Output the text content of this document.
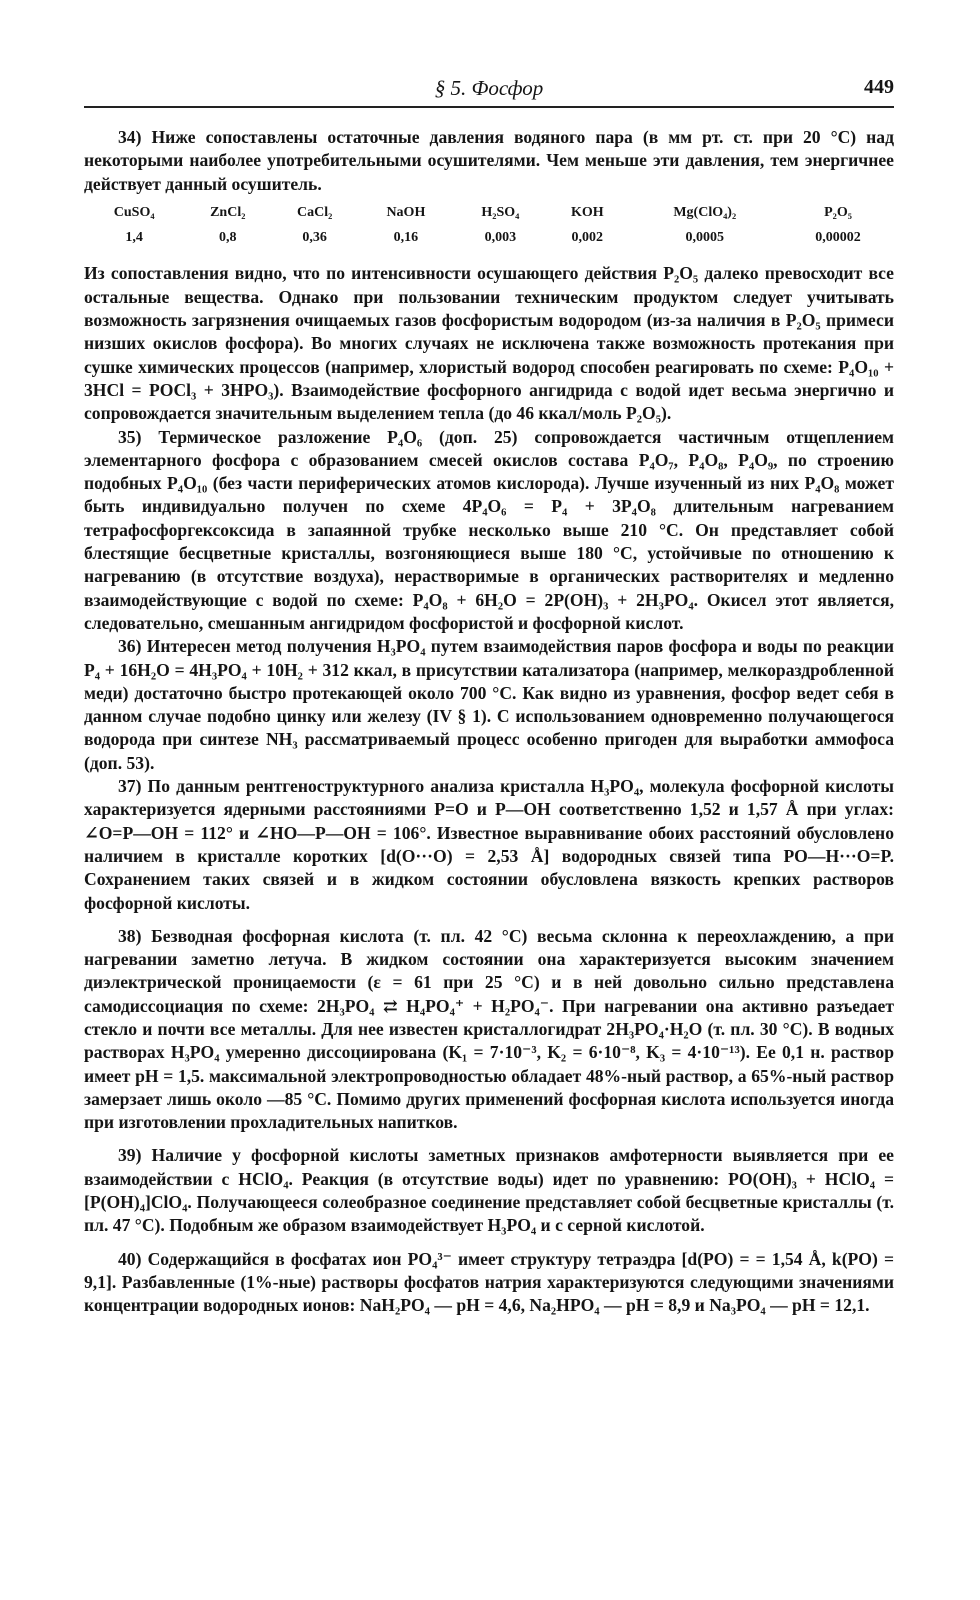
§ 5. Фосфор	449

34) Ниже сопоставлены остаточные давления водяного пара (в мм рт. ст. при 20 °С) над некоторыми наиболее употребительными осушителями. Чем меньше эти давления, тем энергичнее действует данный осушитель.

CuSO₄	ZnCl₂	CaCl₂	NaOH	H₂SO₄	KOH	Mg(ClO₄)₂	P₂O₅
1,4	0,8	0,36	0,16	0,003	0,002	0,0005	0,00002

Из сопоставления видно, что по интенсивности осушающего действия P₂O₅ далеко превосходит все остальные вещества. Однако при пользовании техническим продуктом следует учитывать возможность загрязнения очищаемых газов фосфористым водородом (из-за наличия в P₂O₅ примеси низших окислов фосфора). Во многих случаях не исключена также возможность протекания при сушке химических процессов (например, хлористый водород способен реагировать по схеме: P₄O₁₀ + 3HCl = POCl₃ + 3HPO₃). Взаимодействие фосфорного ангидрида с водой идет весьма энергично и сопровождается значительным выделением тепла (до 46 ккал/моль P₂O₅).

35) Термическое разложение P₄O₆ (доп. 25) сопровождается частичным отщеплением элементарного фосфора с образованием смесей окислов состава P₄O₇, P₄O₈, P₄O₉, по строению подобных P₄O₁₀ (без части периферических атомов кислорода). Лучше изученный из них P₄O₈ может быть индивидуально получен по схеме 4P₄O₆ = P₄ + 3P₄O₈ длительным нагреванием тетрафосфоргексоксида в запаянной трубке несколько выше 210 °С. Он представляет собой блестящие бесцветные кристаллы, возгоняющиеся выше 180 °С, устойчивые по отношению к нагреванию (в отсутствие воздуха), нерастворимые в органических растворителях и медленно взаимодействующие с водой по схеме: P₄O₈ + 6H₂O = 2P(OH)₃ + 2H₃PO₄. Окисел этот является, следовательно, смешанным ангидридом фосфористой и фосфорной кислот.

36) Интересен метод получения H₃PO₄ путем взаимодействия паров фосфора и воды по реакции P₄ + 16H₂O = 4H₃PO₄ + 10H₂ + 312 ккал, в присутствии катализатора (например, мелкораздробленной меди) достаточно быстро протекающей около 700 °С. Как видно из уравнения, фосфор ведет себя в данном случае подобно цинку или железу (IV § 1). С использованием одновременно получающегося водорода при синтезе NH₃ рассматриваемый процесс особенно пригоден для выработки аммофоса (доп. 53).

37) По данным рентгеноструктурного анализа кристалла H₃PO₄, молекула фосфорной кислоты характеризуется ядерными расстояниями P=O и P—OH соответственно 1,52 и 1,57 Å при углах: ∠O=P—OH = 112° и ∠HO—P—OH = 106°. Известное выравнивание обоих расстояний обусловлено наличием в кристалле коротких [d(O···O) = 2,53 Å] водородных связей типа PO—H···O=P. Сохранением таких связей и в жидком состоянии обусловлена вязкость крепких растворов фосфорной кислоты.

38) Безводная фосфорная кислота (т. пл. 42 °С) весьма склонна к переохлаждению, а при нагревании заметно летуча. В жидком состоянии она характеризуется высоким значением диэлектрической проницаемости (ε = 61 при 25 °С) и в ней довольно сильно представлена самодиссоциация по схеме: 2H₃PO₄ ⇄ H₄PO₄⁺ + H₂PO₄⁻. При нагревании она активно разъедает стекло и почти все металлы. Для нее известен кристаллогидрат 2H₃PO₄·H₂O (т. пл. 30 °С). В водных растворах H₃PO₄ умеренно диссоциирована (K₁ = 7·10⁻³, K₂ = 6·10⁻⁸, K₃ = 4·10⁻¹³). Ее 0,1 н. раствор имеет pH = 1,5. максимальной электропроводностью обладает 48%-ный раствор, а 65%-ный раствор замерзает лишь около —85 °С. Помимо других применений фосфорная кислота используется иногда при изготовлении прохладительных напитков.

39) Наличие у фосфорной кислоты заметных признаков амфотерности выявляется при ее взаимодействии с HClO₄. Реакция (в отсутствие воды) идет по уравнению: PO(OH)₃ + HClO₄ = [P(OH)₄]ClO₄. Получающееся солеобразное соединение представляет собой бесцветные кристаллы (т. пл. 47 °С). Подобным же образом взаимодействует H₃PO₄ и с серной кислотой.

40) Содержащийся в фосфатах ион PO₄³⁻ имеет структуру тетраэдра [d(PO) = = 1,54 Å, k(PO) = 9,1]. Разбавленные (1%-ные) растворы фосфатов натрия характеризуются следующими значениями концентрации водородных ионов: NaH₂PO₄ — pH = 4,6, Na₂HPO₄ — pH = 8,9 и Na₃PO₄ — pH = 12,1.
